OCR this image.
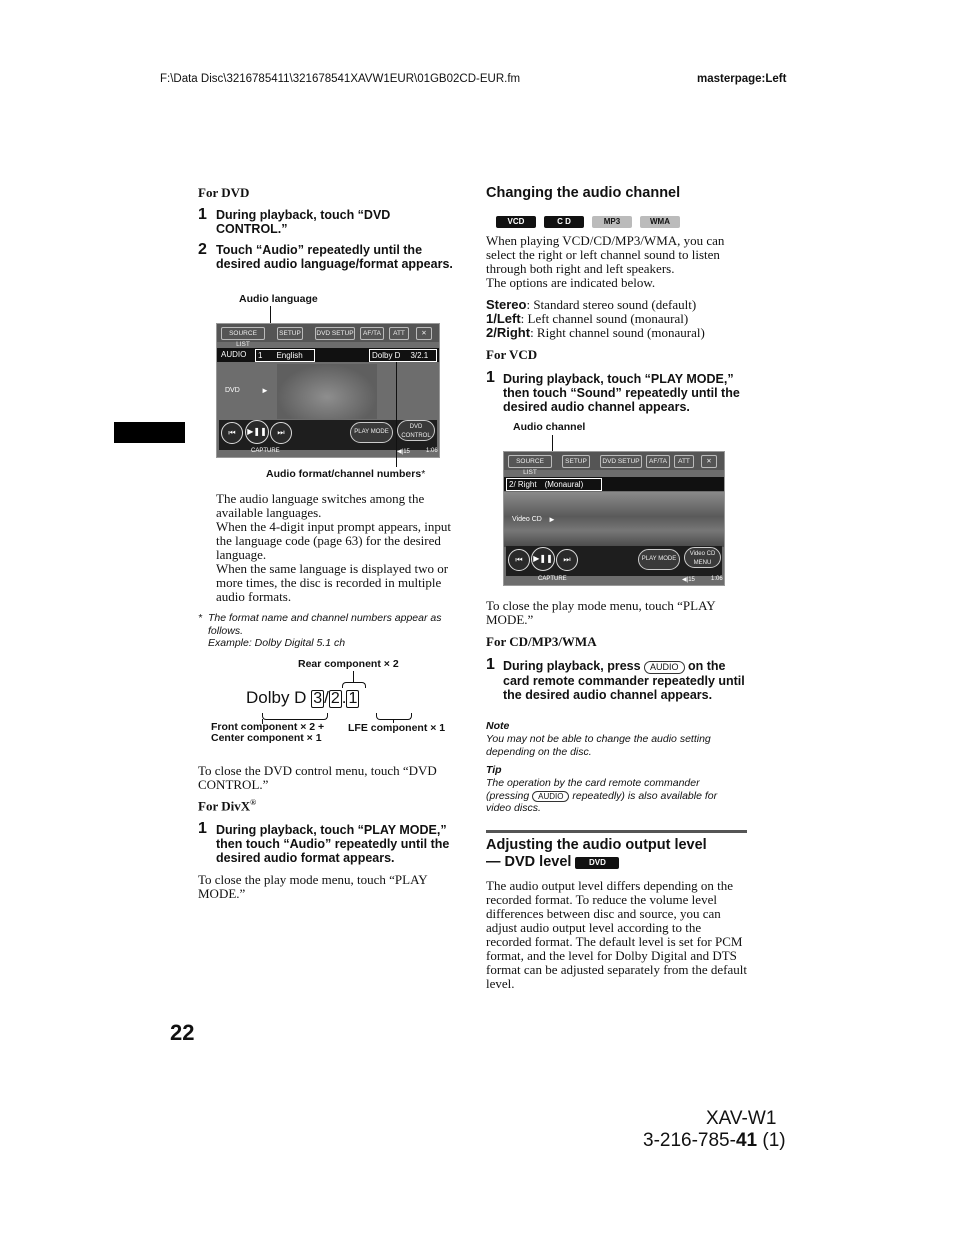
F:\Data Disc\3216785411\321678541XAVW1EUR\01GB02CD-EUR.fm	masterpage:Left
For DVD
1 During playback, touch “DVD CONTROL.”
2 Touch “Audio” repeatedly until the desired audio language/format appears.
Audio language
SOURCE LIST
SETUP	DVD SETUP	AF/TA	ATT	✕
AUDIO	1 English	Dolby D 3/2.1
DVD	►
⏮	▶❚❚	⏭	PLAY MODE
DVD CONTROL
CAPTURE	◀|15	1:06
Audio format/channel numbers*
The audio language switches among the available languages.
When the 4-digit input prompt appears, input the language code (page 63) for the desired language.
When the same language is displayed two or more times, the disc is recorded in multiple audio formats.
* The format name and channel numbers appear as follows.
Example: Dolby Digital 5.1 ch
Rear component × 2
Dolby D 3 / 2 . 1
Front component × 2 +
Center component × 1
LFE component × 1
To close the DVD control menu, touch “DVD CONTROL.”
For DivX®
1 During playback, touch “PLAY MODE,” then touch “Audio” repeatedly until the desired audio format appears.
To close the play mode menu, touch “PLAY MODE.”
Changing the audio channel
VCD	C D	MP3	WMA
When playing VCD/CD/MP3/WMA, you can select the right or left channel sound to listen through both right and left speakers.
The options are indicated below.
Stereo: Standard stereo sound (default)
1/Left: Left channel sound (monaural)
2/Right: Right channel sound (monaural)
For VCD
1 During playback, touch “PLAY MODE,” then touch “Sound” repeatedly until the desired audio channel appears.
Audio channel
SOURCE LIST
SETUP	DVD SETUP	AF/TA	ATT	✕
2/ Right　(Monaural)
Video CD ►
⏮	▶❚❚	⏭	PLAY MODE
Video CD MENU
CAPTURE	◀|15	1:06
To close the play mode menu, touch “PLAY MODE.”
For CD/MP3/WMA
1 During playback, press AUDIO on the card remote commander repeatedly until the desired audio channel appears.
Note
You may not be able to change the audio setting depending on the disc.
Tip
The operation by the card remote commander (pressing AUDIO repeatedly) is also available for video discs.
Adjusting the audio output level
— DVD level DVD
The audio output level differs depending on the recorded format. To reduce the volume level differences between disc and source, you can adjust audio output level according to the recorded format. The default level is set for PCM format, and the level for Dolby Digital and DTS format can be adjusted separately from the default level.
22
XAV-W1
3-216-785-41 (1)
